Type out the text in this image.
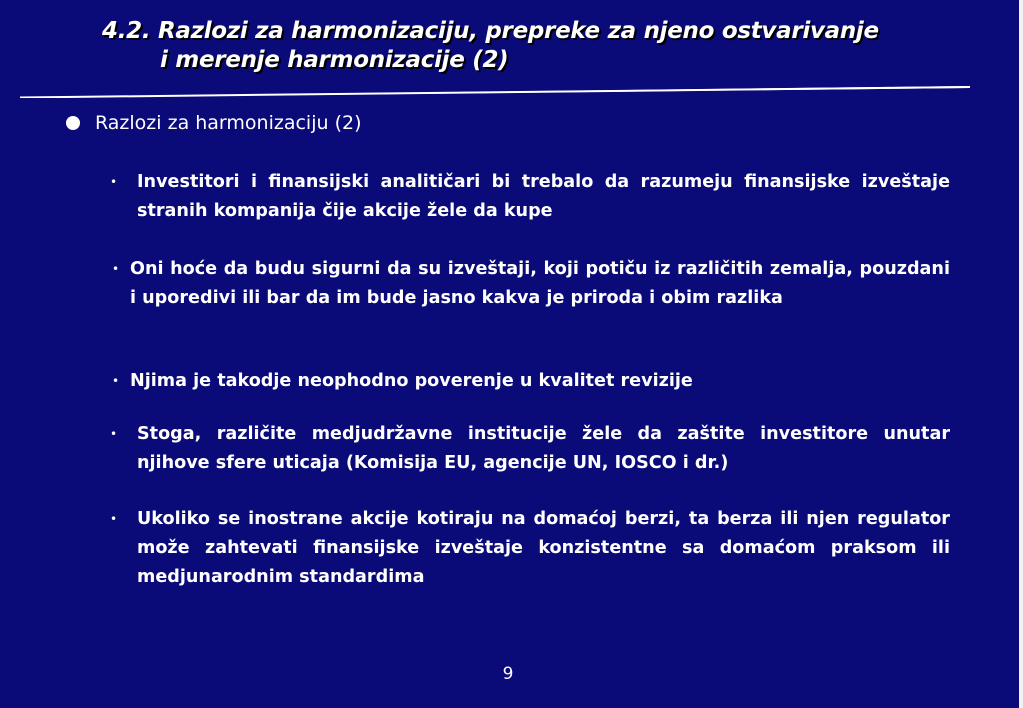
4.2. Razlozi za harmonizaciju, prepreke za njeno ostvarivanje
i merenje harmonizacije (2)
Razlozi za harmonizaciju (2)
• Investitori i finansijski analitičari bi trebalo da razumeju finansijske izveštaje stranih kompanija čije akcije žele da kupe
• Oni hoće da budu sigurni da su izveštaji, koji potiču iz različitih zemalja, pouzdani i uporedivi ili bar da im bude jasno kakva je priroda i obim razlika
• Njima je takodje neophodno poverenje u kvalitet revizije
• Stoga, različite medjudržavne institucije žele da zaštite investitore unutar njihove sfere uticaja (Komisija EU, agencije UN, IOSCO i dr.)
• Ukoliko se inostrane akcije kotiraju na domaćoj berzi, ta berza ili njen regulator može zahtevati finansijske izveštaje konzistentne sa domaćom praksom ili medjunarodnim standardima
9
